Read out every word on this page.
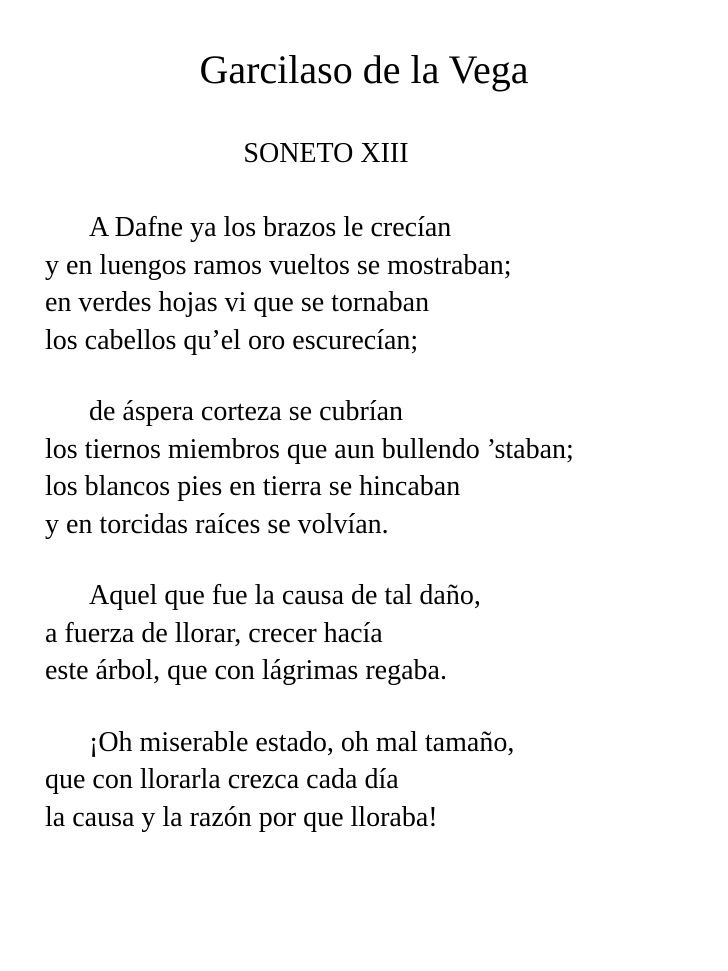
Garcilaso de la Vega
SONETO XIII
A Dafne ya los brazos le crecían
y en luengos ramos vueltos se mostraban;
en verdes hojas vi que se tornaban
los cabellos qu’el oro escurecían;
de áspera corteza se cubrían
los tiernos miembros que aun bullendo ’staban;
los blancos pies en tierra se hincaban
y en torcidas raíces se volvían.
Aquel que fue la causa de tal daño,
a fuerza de llorar, crecer hacía
este árbol, que con lágrimas regaba.
¡Oh miserable estado, oh mal tamaño,
que con llorarla crezca cada día
la causa y la razón por que lloraba!
